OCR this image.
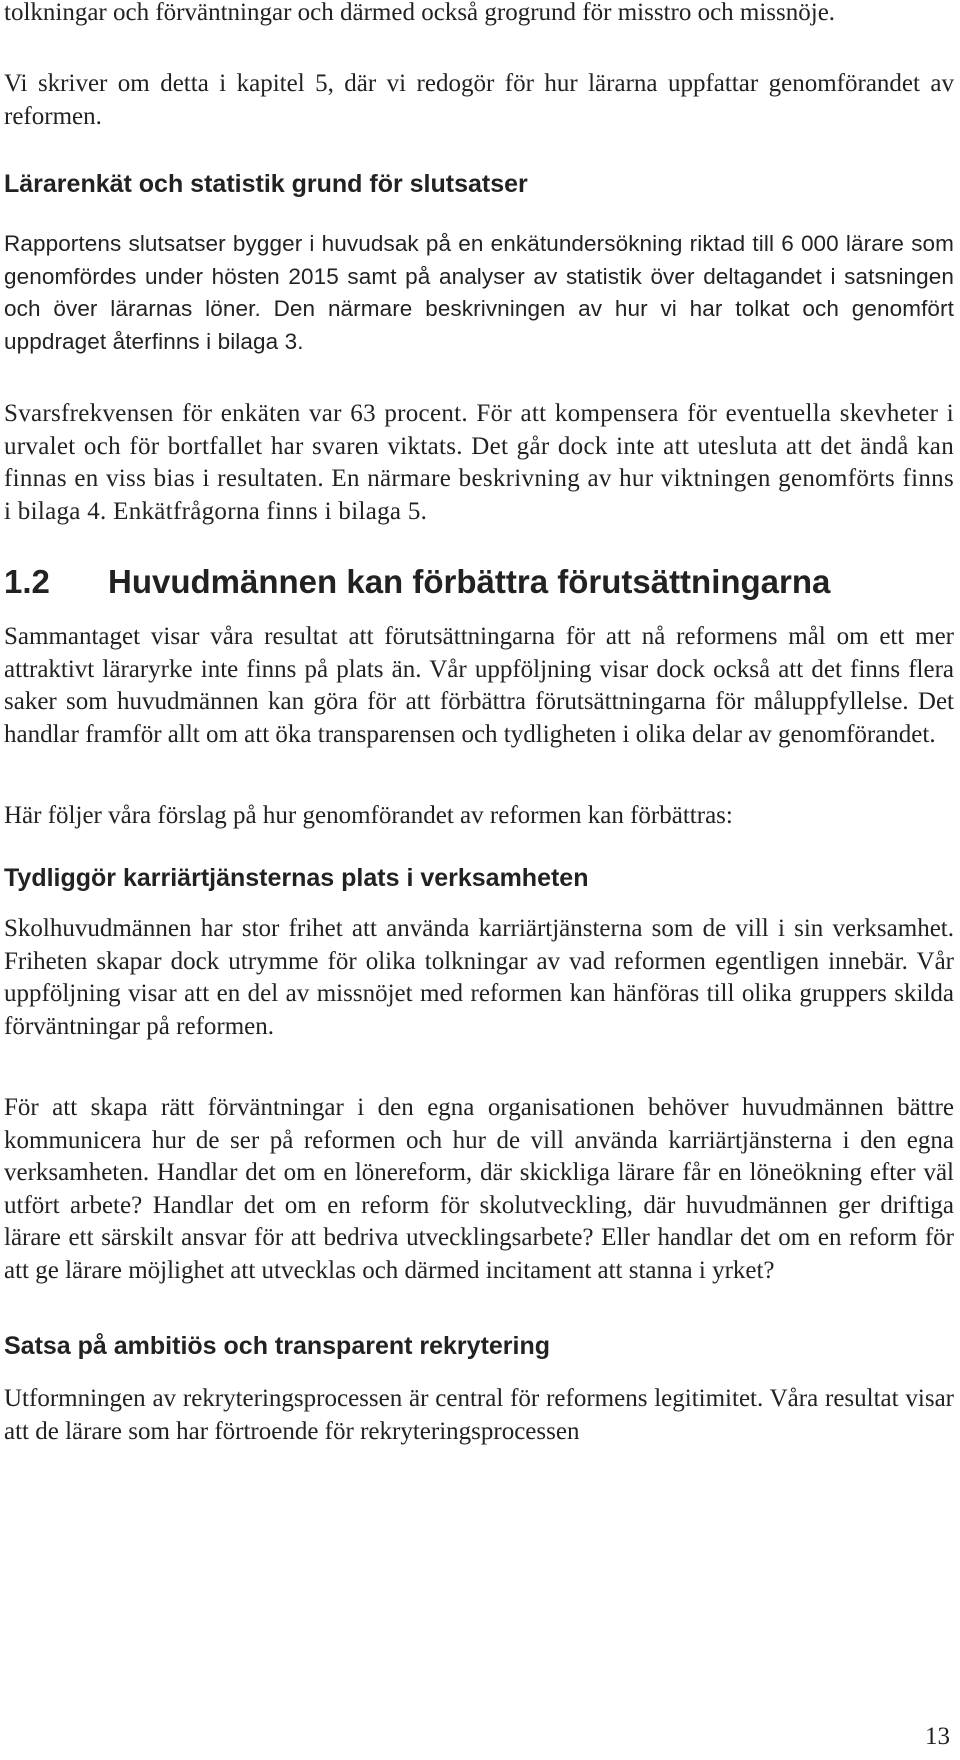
tolkningar och förväntningar och därmed också grogrund för misstro och missnöje.

Vi skriver om detta i kapitel 5, där vi redogör för hur lärarna uppfattar genomförandet av reformen.

Lärarenkät och statistik grund för slutsatser

Rapportens slutsatser bygger i huvudsak på en enkätundersökning riktad till 6 000 lärare som genomfördes under hösten 2015 samt på analyser av statistik över deltagandet i satsningen och över lärarnas löner. Den närmare beskrivningen av hur vi har tolkat och genomfört uppdraget återfinns i bilaga 3.

Svarsfrekvensen för enkäten var 63 procent. För att kompensera för eventuella skevheter i urvalet och för bortfallet har svaren viktats. Det går dock inte att utesluta att det ändå kan finnas en viss bias i resultaten. En närmare beskrivning av hur viktningen genomförts finns i bilaga 4. Enkätfrågorna finns i bilaga 5.

1.2 Huvudmännen kan förbättra förutsättningarna

Sammantaget visar våra resultat att förutsättningarna för att nå reformens mål om ett mer attraktivt läraryrke inte finns på plats än. Vår uppföljning visar dock också att det finns flera saker som huvudmännen kan göra för att förbättra förutsättningarna för måluppfyllelse. Det handlar framför allt om att öka transparensen och tydligheten i olika delar av genomförandet.

Här följer våra förslag på hur genomförandet av reformen kan förbättras:

Tydliggör karriärtjänsternas plats i verksamheten

Skolhuvudmännen har stor frihet att använda karriärtjänsterna som de vill i sin verksamhet. Friheten skapar dock utrymme för olika tolkningar av vad reformen egentligen innebär. Vår uppföljning visar att en del av missnöjet med reformen kan hänföras till olika gruppers skilda förväntningar på reformen.

För att skapa rätt förväntningar i den egna organisationen behöver huvudmännen bättre kommunicera hur de ser på reformen och hur de vill använda karriärtjänsterna i den egna verksamheten. Handlar det om en lönereform, där skickliga lärare får en löneökning efter väl utfört arbete? Handlar det om en reform för skolutveckling, där huvudmännen ger driftiga lärare ett särskilt ansvar för att bedriva utvecklingsarbete? Eller handlar det om en reform för att ge lärare möjlighet att utvecklas och därmed incitament att stanna i yrket?

Satsa på ambitiös och transparent rekrytering

Utformningen av rekryteringsprocessen är central för reformens legitimitet. Våra resultat visar att de lärare som har förtroende för rekryteringsprocessen

13
